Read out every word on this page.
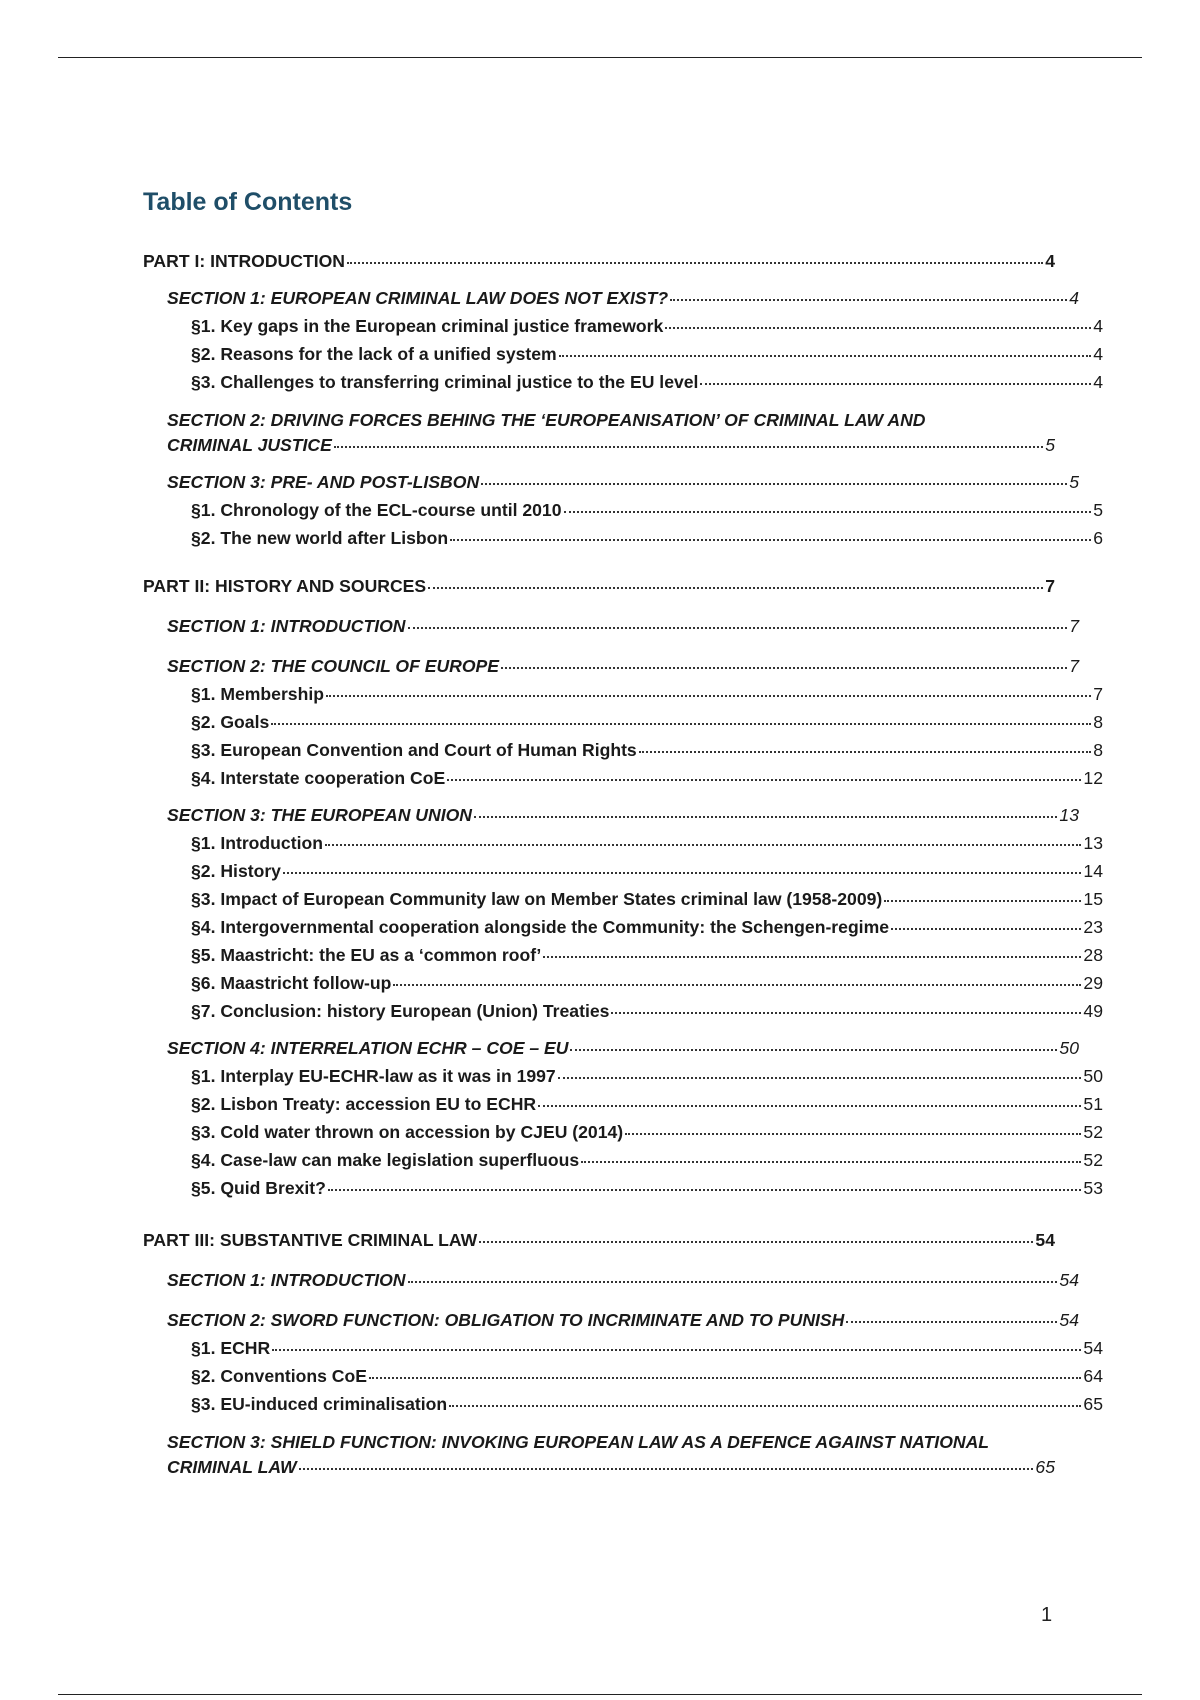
Table of Contents
PART I: INTRODUCTION	4
SECTION 1: EUROPEAN CRIMINAL LAW DOES NOT EXIST?	4
§1. Key gaps in the European criminal justice framework	4
§2. Reasons for the lack of a unified system	4
§3. Challenges to transferring criminal justice to the EU level	4
SECTION 2: DRIVING FORCES BEHING THE ‘EUROPEANISATION’ OF CRIMINAL LAW AND
CRIMINAL JUSTICE	5
SECTION 3: PRE- AND POST-LISBON	5
§1. Chronology of the ECL-course until 2010	5
§2. The new world after Lisbon	6
PART II: HISTORY AND SOURCES	7
SECTION 1: INTRODUCTION	7
SECTION 2: THE COUNCIL OF EUROPE	7
§1. Membership	7
§2. Goals	8
§3. European Convention and Court of Human Rights	8
§4. Interstate cooperation CoE	12
SECTION 3: THE EUROPEAN UNION	13
§1. Introduction	13
§2. History	14
§3. Impact of European Community law on Member States criminal law (1958-2009)	15
§4. Intergovernmental cooperation alongside the Community: the Schengen-regime	23
§5. Maastricht: the EU as a ‘common roof’	28
§6. Maastricht follow-up	29
§7. Conclusion: history European (Union) Treaties	49
SECTION 4: INTERRELATION ECHR – COE – EU	50
§1. Interplay EU-ECHR-law as it was in 1997	50
§2. Lisbon Treaty: accession EU to ECHR	51
§3. Cold water thrown on accession by CJEU (2014)	52
§4. Case-law can make legislation superfluous	52
§5. Quid Brexit?	53
PART III: SUBSTANTIVE CRIMINAL LAW	54
SECTION 1: INTRODUCTION	54
SECTION 2: SWORD FUNCTION: OBLIGATION TO INCRIMINATE AND TO PUNISH	54
§1. ECHR	54
§2. Conventions CoE	64
§3. EU-induced criminalisation	65
SECTION 3: SHIELD FUNCTION: INVOKING EUROPEAN LAW AS A DEFENCE AGAINST NATIONAL
CRIMINAL LAW	65
1
